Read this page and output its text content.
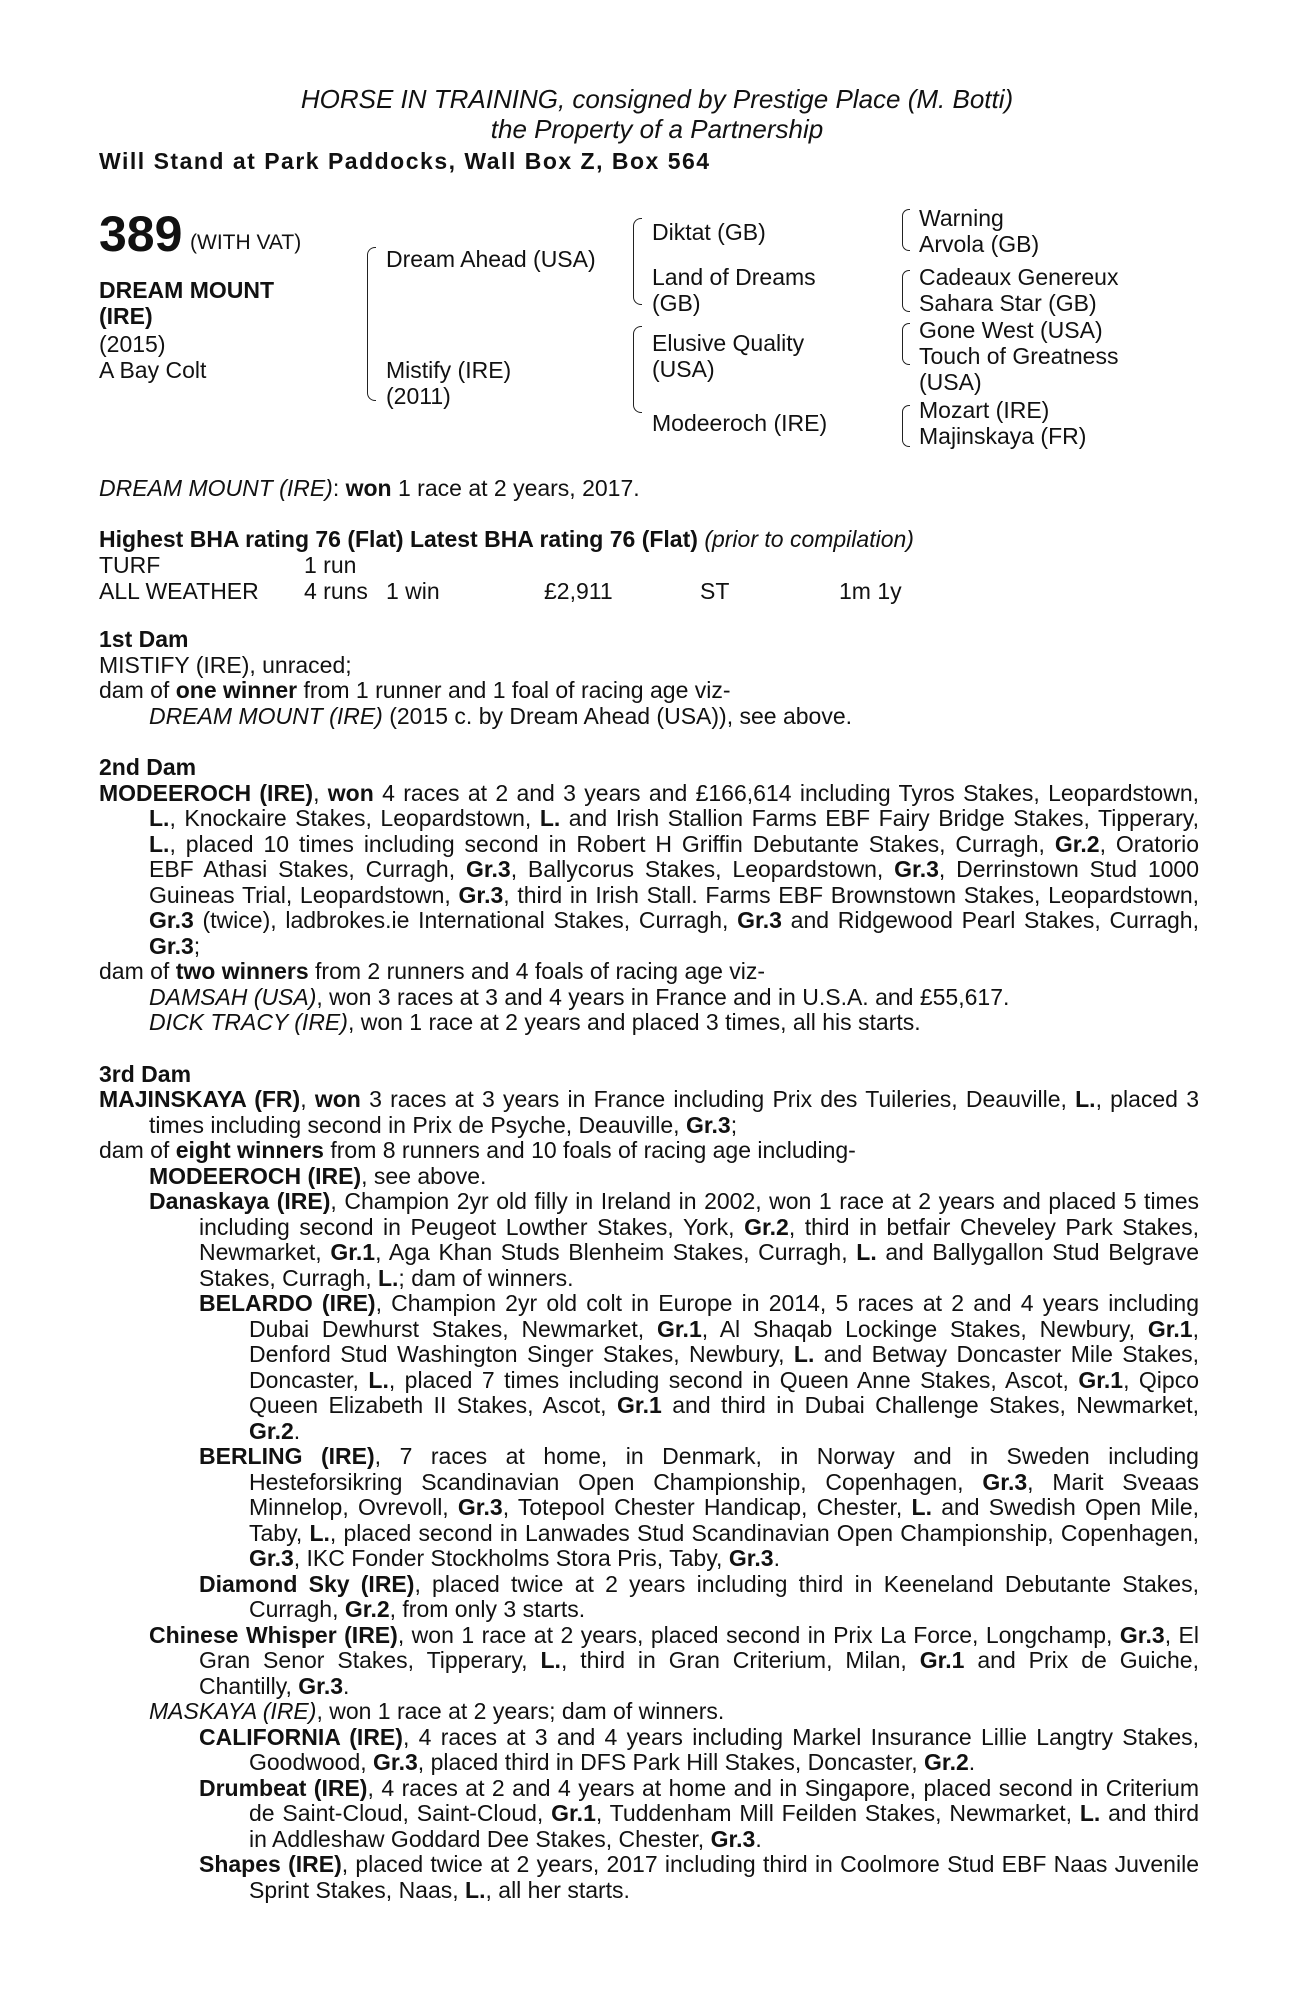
HORSE IN TRAINING, consigned by Prestige Place (M. Botti)
the Property of a Partnership
Will Stand at Park Paddocks, Wall Box Z, Box 564
389 (WITH VAT)
DREAM MOUNT
(IRE)
(2015)
A Bay Colt
Dream Ahead (USA)
Mistify (IRE)
(2011)
Diktat (GB)
Land of Dreams
(GB)
Elusive Quality
(USA)
Modeeroch (IRE)
Warning
Arvola (GB)
Cadeaux Genereux
Sahara Star (GB)
Gone West (USA)
Touch of Greatness
(USA)
Mozart (IRE)
Majinskaya (FR)
DREAM MOUNT (IRE): won 1 race at 2 years, 2017.
Highest BHA rating 76 (Flat) Latest BHA rating 76 (Flat) (prior to compilation)
TURF	1 run
ALL WEATHER 4 runs 1 win	£2,911	ST	1m 1y

1st Dam

MISTIFY (IRE), unraced;

dam of one winner from 1 runner and 1 foal of racing age viz-

DREAM MOUNT (IRE) (2015 c. by Dream Ahead (USA)), see above.

2nd Dam

MODEEROCH (IRE), won 4 races at 2 and 3 years and £166,614 including Tyros Stakes, Leopardstown, L., Knockaire Stakes, Leopardstown, L. and Irish Stallion Farms EBF Fairy Bridge Stakes, Tipperary, L., placed 10 times including second in Robert H Griffin Debutante Stakes, Curragh, Gr.2, Oratorio EBF Athasi Stakes, Curragh, Gr.3, Ballycorus Stakes, Leopardstown, Gr.3, Derrinstown Stud 1000 Guineas Trial, Leopardstown, Gr.3, third in Irish Stall. Farms EBF Brownstown Stakes, Leopardstown, Gr.3 (twice), ladbrokes.ie International Stakes, Curragh, Gr.3 and Ridgewood Pearl Stakes, Curragh, Gr.3;

dam of two winners from 2 runners and 4 foals of racing age viz-

DAMSAH (USA), won 3 races at 3 and 4 years in France and in U.S.A. and £55,617.

DICK TRACY (IRE), won 1 race at 2 years and placed 3 times, all his starts.

3rd Dam

MAJINSKAYA (FR), won 3 races at 3 years in France including Prix des Tuileries, Deauville, L., placed 3 times including second in Prix de Psyche, Deauville, Gr.3;

dam of eight winners from 8 runners and 10 foals of racing age including-

MODEEROCH (IRE), see above.

Danaskaya (IRE), Champion 2yr old filly in Ireland in 2002, won 1 race at 2 years and placed 5 times including second in Peugeot Lowther Stakes, York, Gr.2, third in betfair Cheveley Park Stakes, Newmarket, Gr.1, Aga Khan Studs Blenheim Stakes, Curragh, L. and Ballygallon Stud Belgrave Stakes, Curragh, L.; dam of winners.

BELARDO (IRE), Champion 2yr old colt in Europe in 2014, 5 races at 2 and 4 years including Dubai Dewhurst Stakes, Newmarket, Gr.1, Al Shaqab Lockinge Stakes, Newbury, Gr.1, Denford Stud Washington Singer Stakes, Newbury, L. and Betway Doncaster Mile Stakes, Doncaster, L., placed 7 times including second in Queen Anne Stakes, Ascot, Gr.1, Qipco Queen Elizabeth II Stakes, Ascot, Gr.1 and third in Dubai Challenge Stakes, Newmarket, Gr.2.

BERLING (IRE), 7 races at home, in Denmark, in Norway and in Sweden including Hesteforsikring Scandinavian Open Championship, Copenhagen, Gr.3, Marit Sveaas Minnelop, Ovrevoll, Gr.3, Totepool Chester Handicap, Chester, L. and Swedish Open Mile, Taby, L., placed second in Lanwades Stud Scandinavian Open Championship, Copenhagen, Gr.3, IKC Fonder Stockholms Stora Pris, Taby, Gr.3.

Diamond Sky (IRE), placed twice at 2 years including third in Keeneland Debutante Stakes, Curragh, Gr.2, from only 3 starts.

Chinese Whisper (IRE), won 1 race at 2 years, placed second in Prix La Force, Longchamp, Gr.3, El Gran Senor Stakes, Tipperary, L., third in Gran Criterium, Milan, Gr.1 and Prix de Guiche, Chantilly, Gr.3.

MASKAYA (IRE), won 1 race at 2 years; dam of winners.

CALIFORNIA (IRE), 4 races at 3 and 4 years including Markel Insurance Lillie Langtry Stakes, Goodwood, Gr.3, placed third in DFS Park Hill Stakes, Doncaster, Gr.2.

Drumbeat (IRE), 4 races at 2 and 4 years at home and in Singapore, placed second in Criterium de Saint-Cloud, Saint-Cloud, Gr.1, Tuddenham Mill Feilden Stakes, Newmarket, L. and third in Addleshaw Goddard Dee Stakes, Chester, Gr.3.

Shapes (IRE), placed twice at 2 years, 2017 including third in Coolmore Stud EBF Naas Juvenile Sprint Stakes, Naas, L., all her starts.
